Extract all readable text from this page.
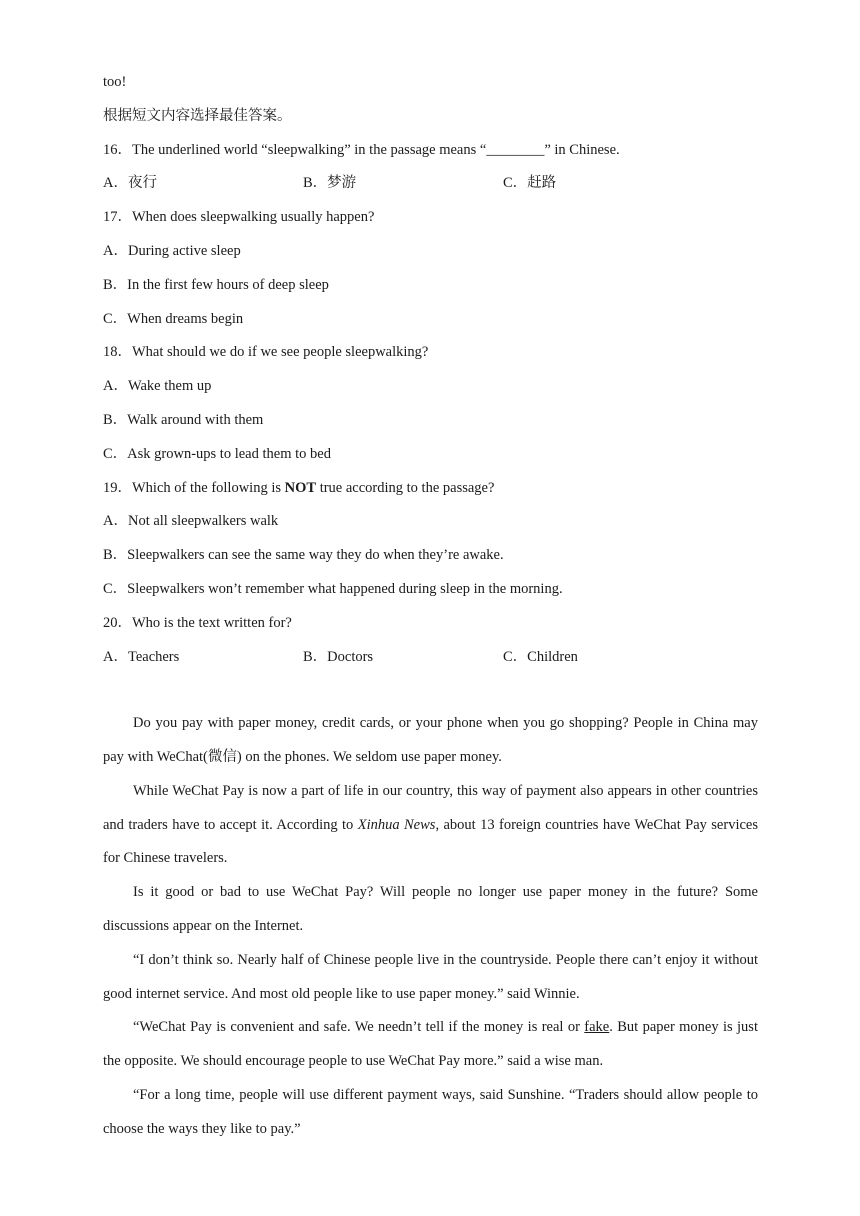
too!
根据短文内容选择最佳答案。
16．The underlined world “sleepwalking” in the passage means “________” in Chinese.
A．夜行	B．梦游	C．赶路
17．When does sleepwalking usually happen?
A．During active sleep
B．In the first few hours of deep sleep
C．When dreams begin
18．What should we do if we see people sleepwalking?
A．Wake them up
B．Walk around with them
C．Ask grown-ups to lead them to bed
19．Which of the following is NOT true according to the passage?
A．Not all sleepwalkers walk
B．Sleepwalkers can see the same way they do when they’re awake.
C．Sleepwalkers won’t remember what happened during sleep in the morning.
20．Who is the text written for?
A．Teachers	B．Doctors	C．Children

Do you pay with paper money, credit cards, or your phone when you go shopping? People in China may pay with WeChat(微信) on the phones. We seldom use paper money.

While WeChat Pay is now a part of life in our country, this way of payment also appears in other countries and traders have to accept it. According to Xinhua News, about 13 foreign countries have WeChat Pay services for Chinese travelers.

Is it good or bad to use WeChat Pay? Will people no longer use paper money in the future? Some discussions appear on the Internet.

“I don’t think so. Nearly half of Chinese people live in the countryside. People there can’t enjoy it without good internet service. And most old people like to use paper money.” said Winnie.

“WeChat Pay is convenient and safe. We needn’t tell if the money is real or fake. But paper money is just the opposite. We should encourage people to use WeChat Pay more.” said a wise man.

“For a long time, people will use different payment ways, said Sunshine. “Traders should allow people to choose the ways they like to pay.”
